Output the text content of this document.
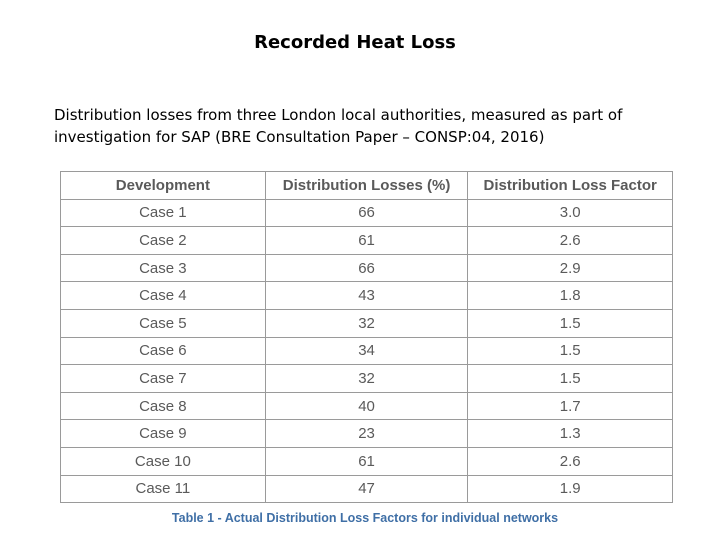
Recorded Heat Loss

Distribution losses from three London local authorities, measured as part of
investigation for SAP (BRE Consultation Paper – CONSP:04, 2016)

Development	Distribution Losses (%)	Distribution Loss Factor
Case 1	66	3.0
Case 2	61	2.6
Case 3	66	2.9
Case 4	43	1.8
Case 5	32	1.5
Case 6	34	1.5
Case 7	32	1.5
Case 8	40	1.7
Case 9	23	1.3
Case 10	61	2.6
Case 11	47	1.9

Table 1 - Actual Distribution Loss Factors for individual networks
